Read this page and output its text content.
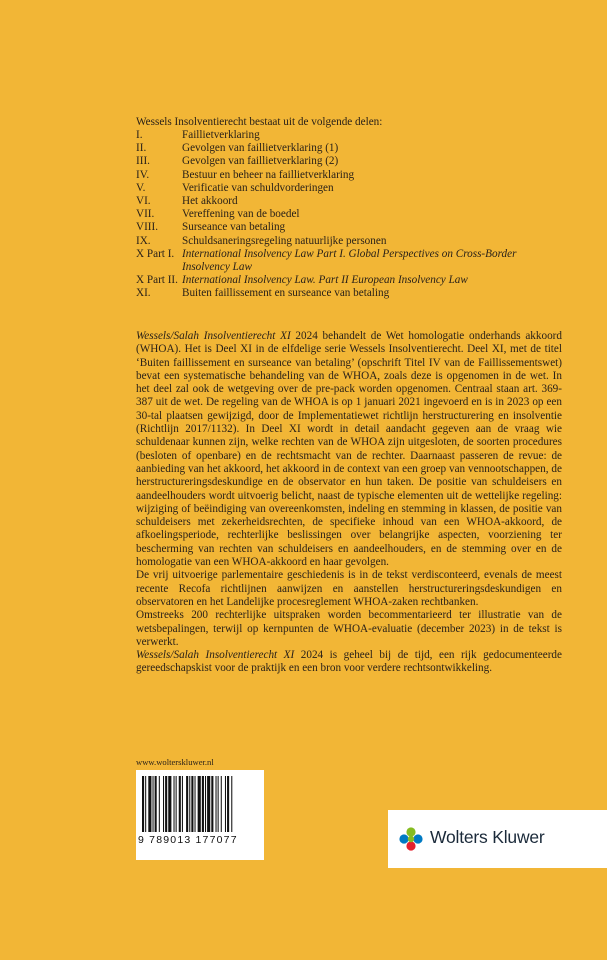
Wessels Insolventierecht bestaat uit de volgende delen:

I.	Faillietverklaring
II.	Gevolgen van faillietverklaring (1)
III.	Gevolgen van faillietverklaring (2)
IV.	Bestuur en beheer na faillietverklaring
V.	Verificatie van schuldvorderingen
VI.	Het akkoord
VII. Vereffening van de boedel
VIII. Surseance van betaling
IX.	Schuldsaneringsregeling natuurlijke personen
X Part I. International Insolvency Law Part I. Global Perspectives on Cross-Border Insolvency Law
X Part II. International Insolvency Law. Part II European Insolvency Law
XI.	Buiten faillissement en surseance van betaling

Wessels/Salah Insolventierecht XI 2024 behandelt de Wet homologatie onderhands akkoord (WHOA). Het is Deel XI in de elfdelige serie Wessels Insolventierecht. Deel XI, met de titel ‘Buiten faillissement en surseance van betaling’ (opschrift Titel IV van de Faillissementswet) bevat een systematische behandeling van de WHOA, zoals deze is opgenomen in de wet. In het deel zal ook de wetgeving over de pre-pack worden opgenomen. Centraal staan art. 369-387 uit de wet. De regeling van de WHOA is op 1 januari 2021 ingevoerd en is in 2023 op een 30-tal plaatsen gewijzigd, door de Implementatiewet richtlijn herstructurering en insolventie (Richtlijn 2017/1132). In Deel XI wordt in detail aandacht gegeven aan de vraag wie schuldenaar kunnen zijn, welke rechten van de WHOA zijn uitgesloten, de soorten procedures (besloten of openbare) en de rechtsmacht van de rechter. Daarnaast passeren de revue: de aanbieding van het akkoord, het akkoord in de context van een groep van vennootschappen, de herstructureringsdeskundige en de observator en hun taken. De positie van schuldeisers en aandeelhouders wordt uitvoerig belicht, naast de typische elementen uit de wettelijke regeling: wijziging of beëindiging van overeenkomsten, indeling en stemming in klassen, de positie van schuldeisers met zekerheidsrechten, de specifieke inhoud van een WHOA-akkoord, de afkoelingsperiode, rechterlijke beslissingen over belangrijke aspecten, voorziening ter bescherming van rechten van schuldeisers en aandeelhouders, en de stemming over en de homologatie van een WHOA-akkoord en haar gevolgen.

De vrij uitvoerige parlementaire geschiedenis is in de tekst verdisconteerd, evenals de meest recente Recofa richtlijnen aanwijzen en aanstellen herstructureringsdeskundigen en observatoren en het Landelijke procesreglement WHOA-zaken rechtbanken.

Omstreeks 200 rechterlijke uitspraken worden becommentarieerd ter illustratie van de wetsbepalingen, terwijl op kernpunten de WHOA-evaluatie (december 2023) in de tekst is verwerkt.

Wessels/Salah Insolventierecht XI 2024 is geheel bij de tijd, een rijk gedocumenteerde gereedschapskist voor de praktijk en een bron voor verdere rechtsontwikkeling.

www.wolterskluwer.nl
9 789013 177077	Wolters Kluwer
